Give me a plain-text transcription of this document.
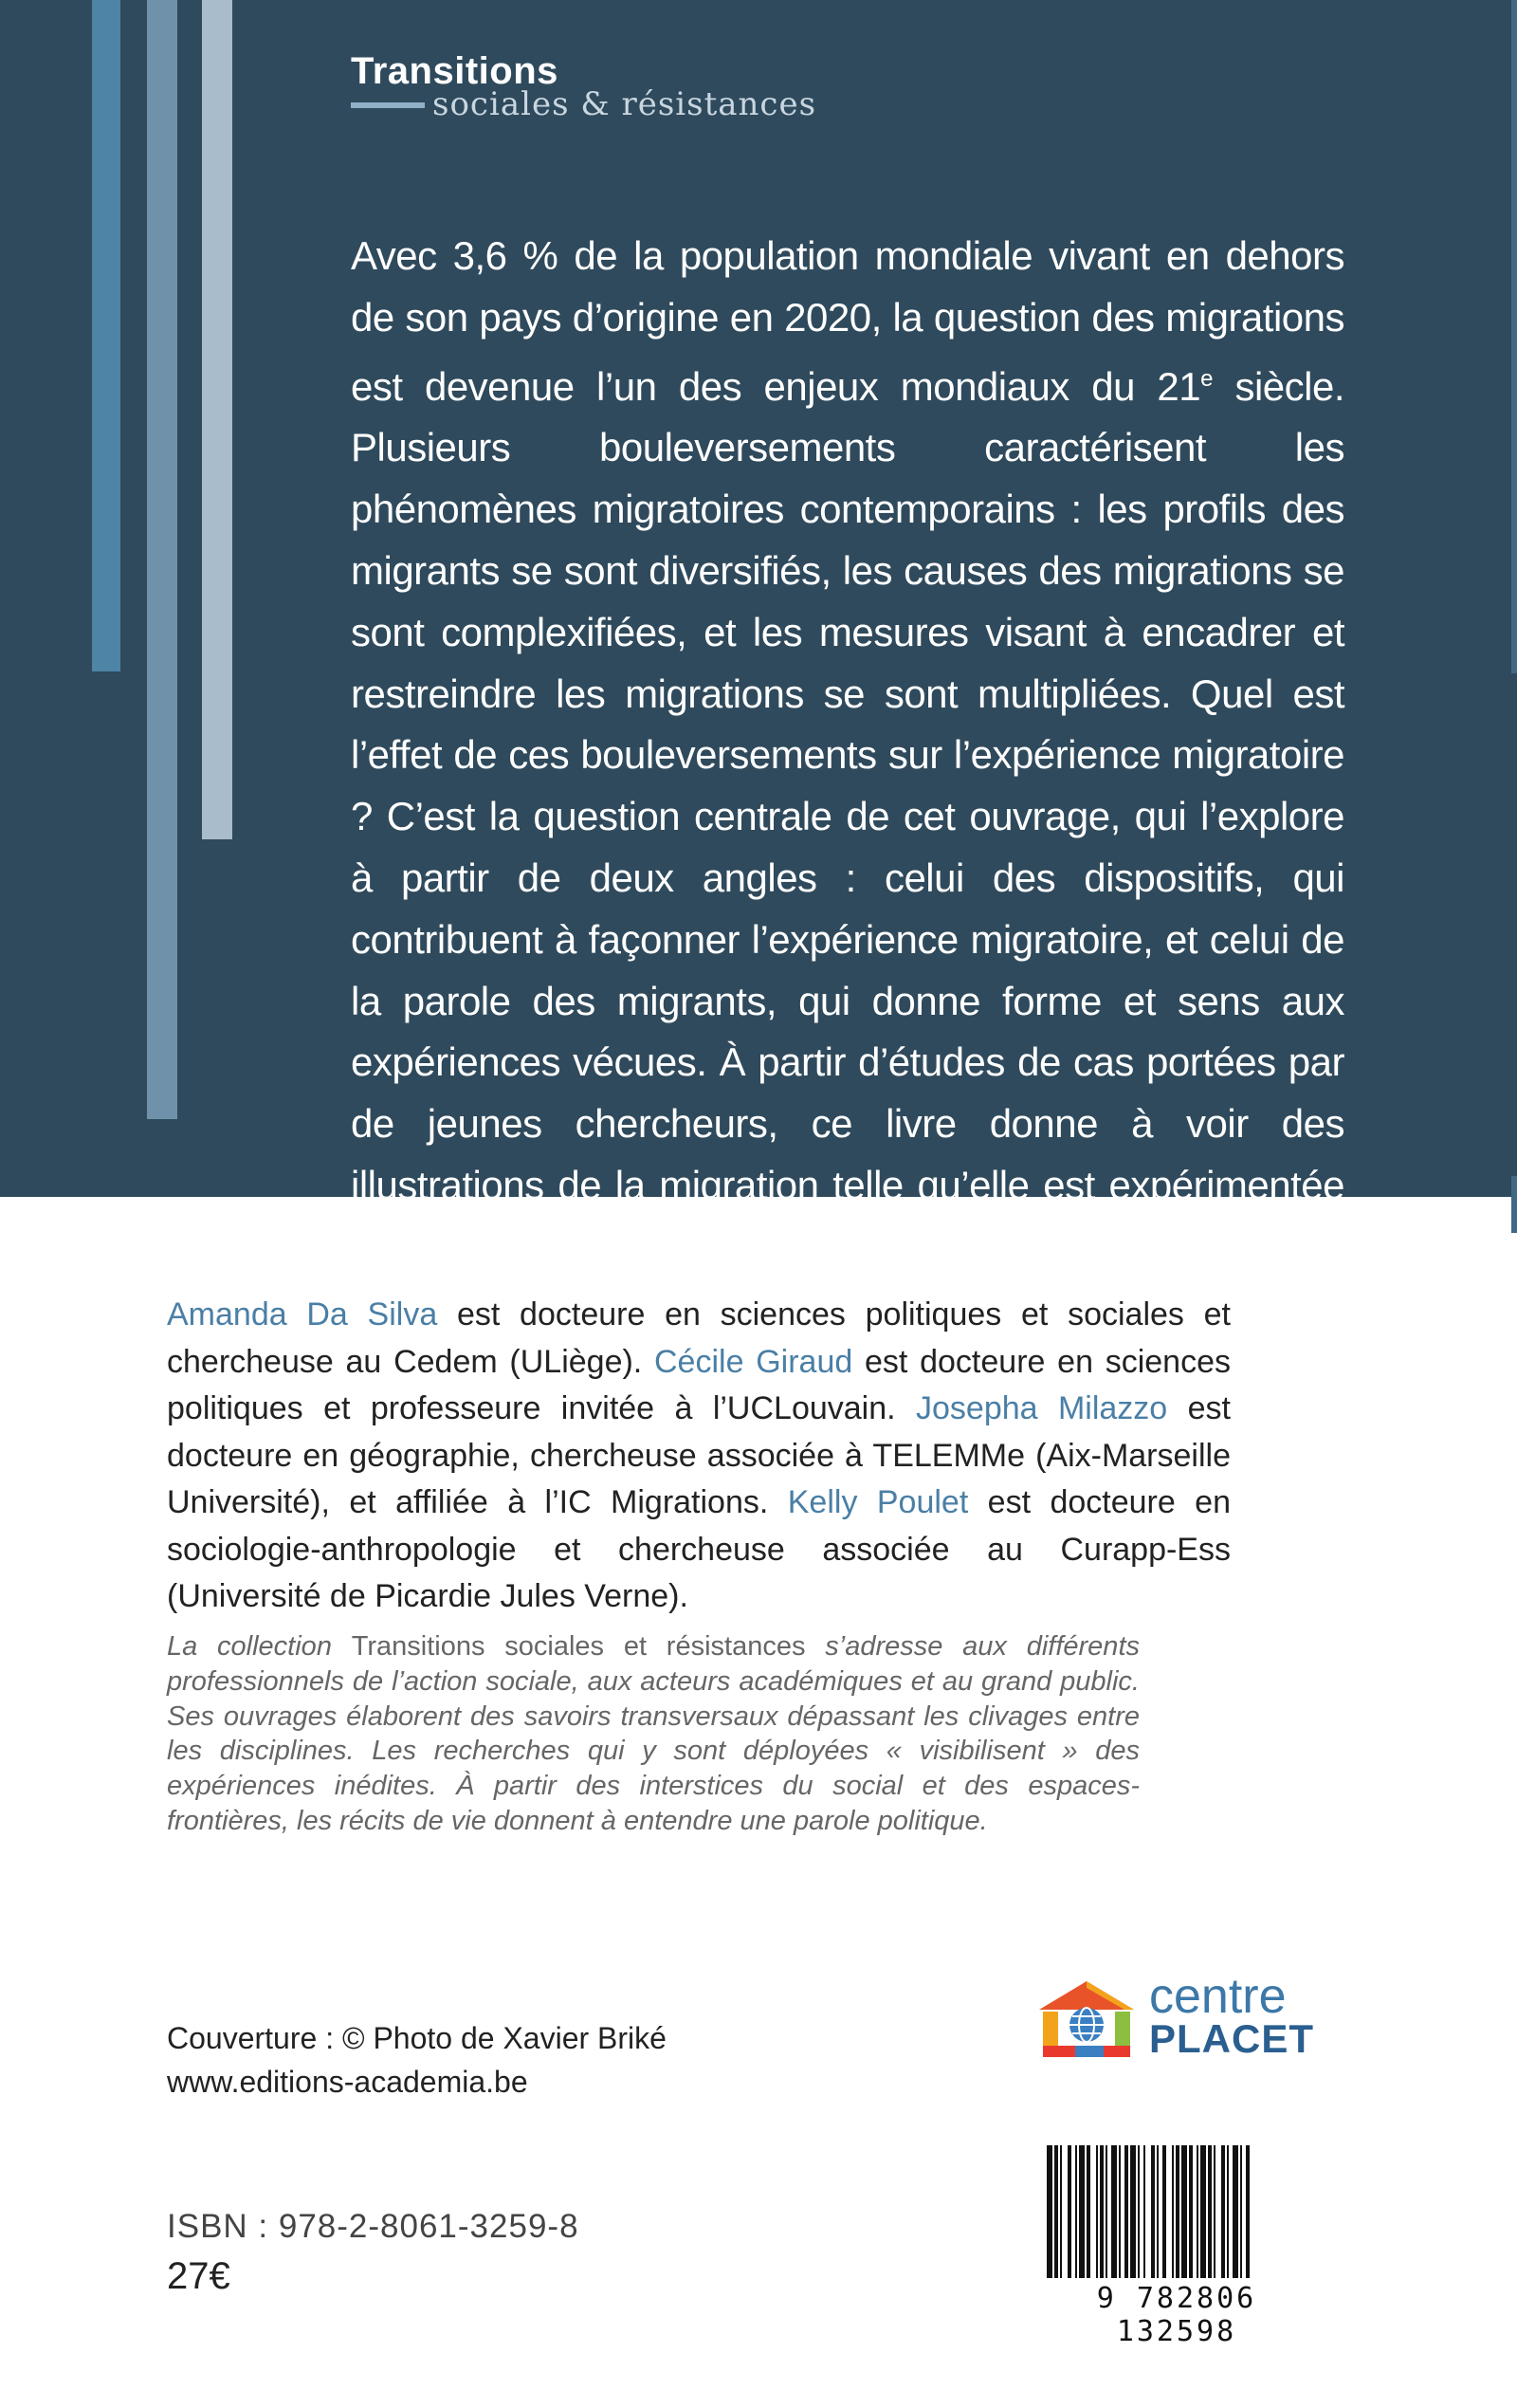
Transitions
sociales & résistances

Avec 3,6 % de la population mondiale vivant en dehors de son pays d’origine en 2020, la question des migrations est devenue l’un des enjeux mondiaux du 21e siècle. Plusieurs bouleversements caractérisent les phénomènes migratoires contemporains : les profils des migrants se sont diversifiés, les causes des migrations se sont complexifiées, et les mesures visant à encadrer et restreindre les migrations se sont multipliées. Quel est l’effet de ces bouleversements sur l’expérience migratoire ? C’est la question centrale de cet ouvrage, qui l’explore à partir de deux angles : celui des dispositifs, qui contribuent à façonner l’expérience migratoire, et celui de la parole des migrants, qui donne forme et sens aux expériences vécues. À partir d’études de cas portées par de jeunes chercheurs, ce livre donne à voir des illustrations de la migration telle qu’elle est expérimentée et vécue dans la contemporanéité.

Amanda Da Silva est docteure en sciences politiques et sociales et chercheuse au Cedem (ULiège). Cécile Giraud est docteure en sciences politiques et professeure invitée à l’UCLouvain. Josepha Milazzo est docteure en géographie, chercheuse associée à TELEMMe (Aix-Marseille Université), et affiliée à l’IC Migrations. Kelly Poulet est docteure en sociologie-anthropologie et chercheuse associée au Curapp-Ess (Université de Picardie Jules Verne).
La collection Transitions sociales et résistances s’adresse aux différents professionnels de l’action sociale, aux acteurs académiques et au grand public. Ses ouvrages élaborent des savoirs transversaux dépassant les clivages entre les disciplines. Les recherches qui y sont déployées « visibilisent » des expériences inédites. À partir des interstices du social et des espaces-frontières, les récits de vie donnent à entendre une parole politique.
Couverture : © Photo de Xavier Briké
www.editions-academia.be
ISBN : 978-2-8061-3259-8
27€
centre
PLACET
9 782806 132598
